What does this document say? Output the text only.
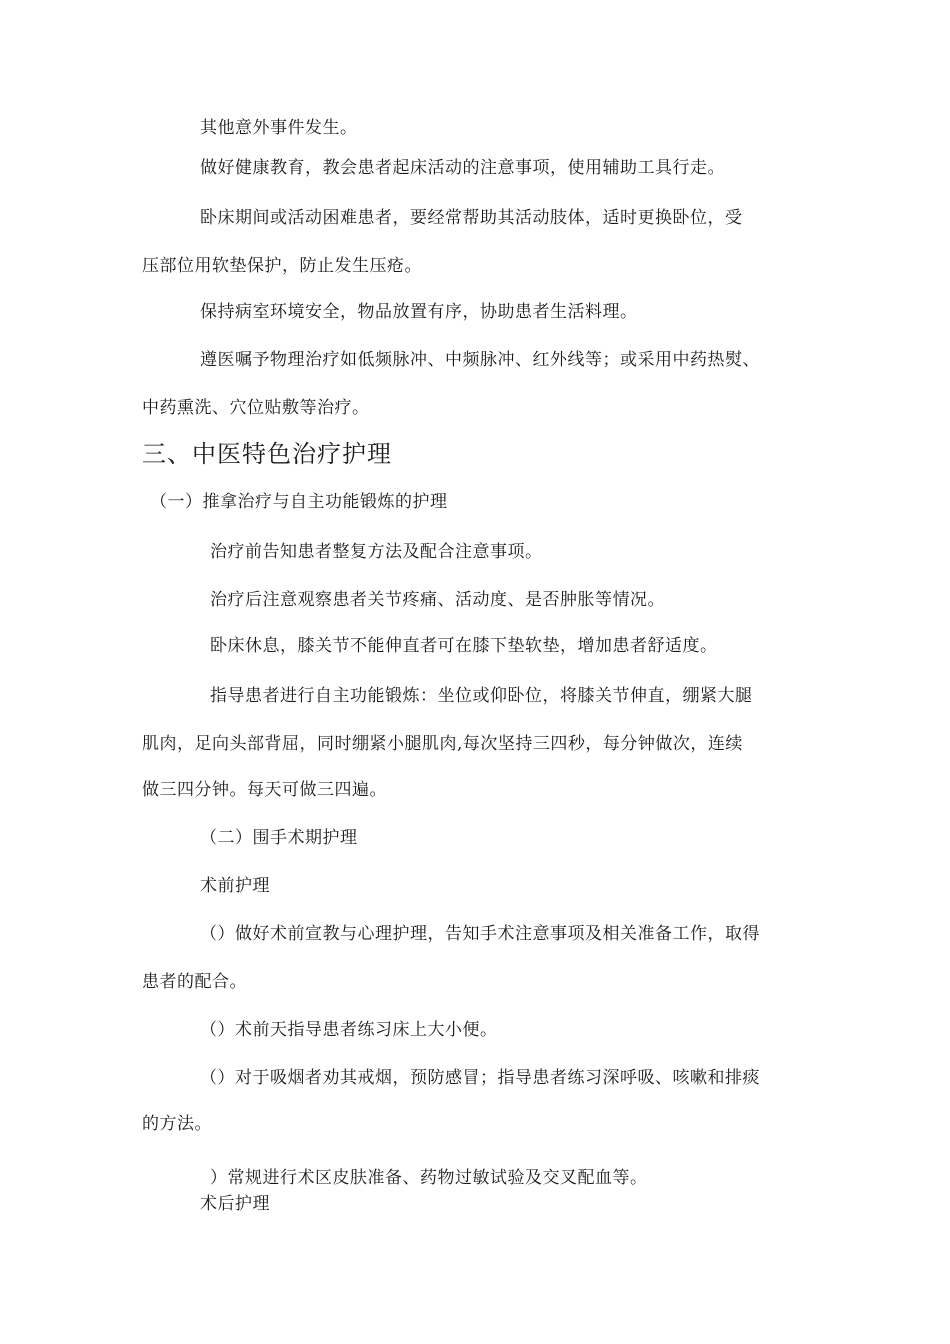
其他意外事件发生。

做好健康教育，教会患者起床活动的注意事项，使用辅助工具行走。

卧床期间或活动困难患者，要经常帮助其活动肢体，适时更换卧位，受

压部位用软垫保护，防止发生压疮。

保持病室环境安全，物品放置有序，协助患者生活料理。

遵医嘱予物理治疗如低频脉冲、中频脉冲、红外线等；或采用中药热熨、

中药熏洗、穴位贴敷等治疗。

三、中医特色治疗护理

（一）推拿治疗与自主功能锻炼的护理

治疗前告知患者整复方法及配合注意事项。

治疗后注意观察患者关节疼痛、活动度、是否肿胀等情况。

卧床休息，膝关节不能伸直者可在膝下垫软垫，增加患者舒适度。

指导患者进行自主功能锻炼：坐位或仰卧位，将膝关节伸直，绷紧大腿

肌肉，足向头部背屈，同时绷紧小腿肌肉,每次坚持三四秒，每分钟做次，连续

做三四分钟。每天可做三四遍。

（二）围手术期护理

术前护理

（）做好术前宣教与心理护理，告知手术注意事项及相关准备工作，取得

患者的配合。

（）术前天指导患者练习床上大小便。

（）对于吸烟者劝其戒烟，预防感冒；指导患者练习深呼吸、咳嗽和排痰

的方法。

）常规进行术区皮肤准备、药物过敏试验及交叉配血等。

术后护理
